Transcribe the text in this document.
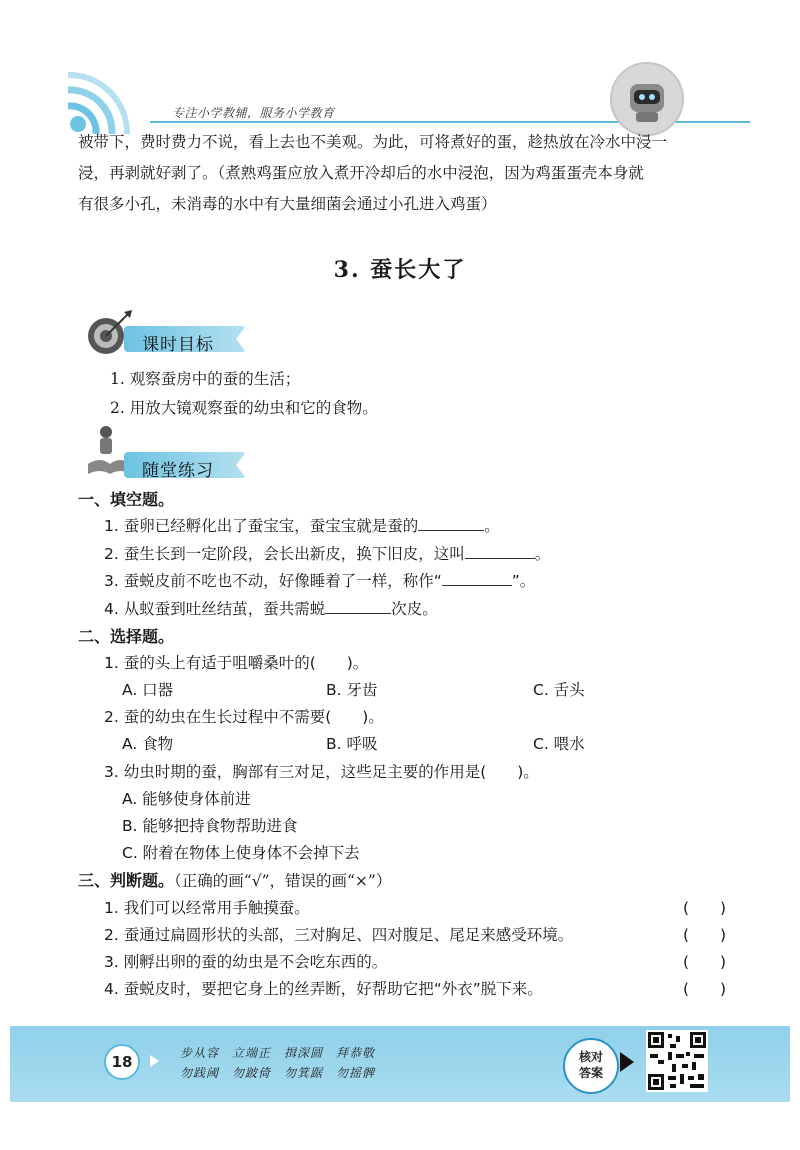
专注小学教辅，服务小学教育

被带下，费时费力不说，看上去也不美观。为此，可将煮好的蛋，趁热放在冷水中浸一

浸，再剥就好剥了。（煮熟鸡蛋应放入煮开冷却后的水中浸泡，因为鸡蛋蛋壳本身就

有很多小孔，未消毒的水中有大量细菌会通过小孔进入鸡蛋）

3. 蚕长大了
课时目标
1. 观察蚕房中的蚕的生活；
2. 用放大镜观察蚕的幼虫和它的食物。
随堂练习
一、填空题。
1. 蚕卵已经孵化出了蚕宝宝，蚕宝宝就是蚕的	。
2. 蚕生长到一定阶段，会长出新皮，换下旧皮，这叫	。
3. 蚕蜕皮前不吃也不动，好像睡着了一样，称作“	”。
4. 从蚁蚕到吐丝结茧，蚕共需蜕	次皮。
二、选择题。
1. 蚕的头上有适于咀嚼桑叶的(　　)。
A. 口器	B. 牙齿	C. 舌头
2. 蚕的幼虫在生长过程中不需要(　　)。
A. 食物	B. 呼吸	C. 喂水
3. 幼虫时期的蚕，胸部有三对足，这些足主要的作用是(　　)。
A. 能够使身体前进
B. 能够把持食物帮助进食
C. 附着在物体上使身体不会掉下去
三、判断题。（正确的画“√”，错误的画“×”）
1. 我们可以经常用手触摸蚕。	(　　)
2. 蚕通过扁圆形状的头部，三对胸足、四对腹足、尾足来感受环境。	(　　)
3. 刚孵出卵的蚕的幼虫是不会吃东西的。	(　　)
4. 蚕蜕皮时，要把它身上的丝弄断，好帮助它把“外衣”脱下来。	(　　)
18	步从容　立端正　揖深圆　拜恭敬
勿践阈　勿跛倚　勿箕踞　勿摇髀
核对
答案
